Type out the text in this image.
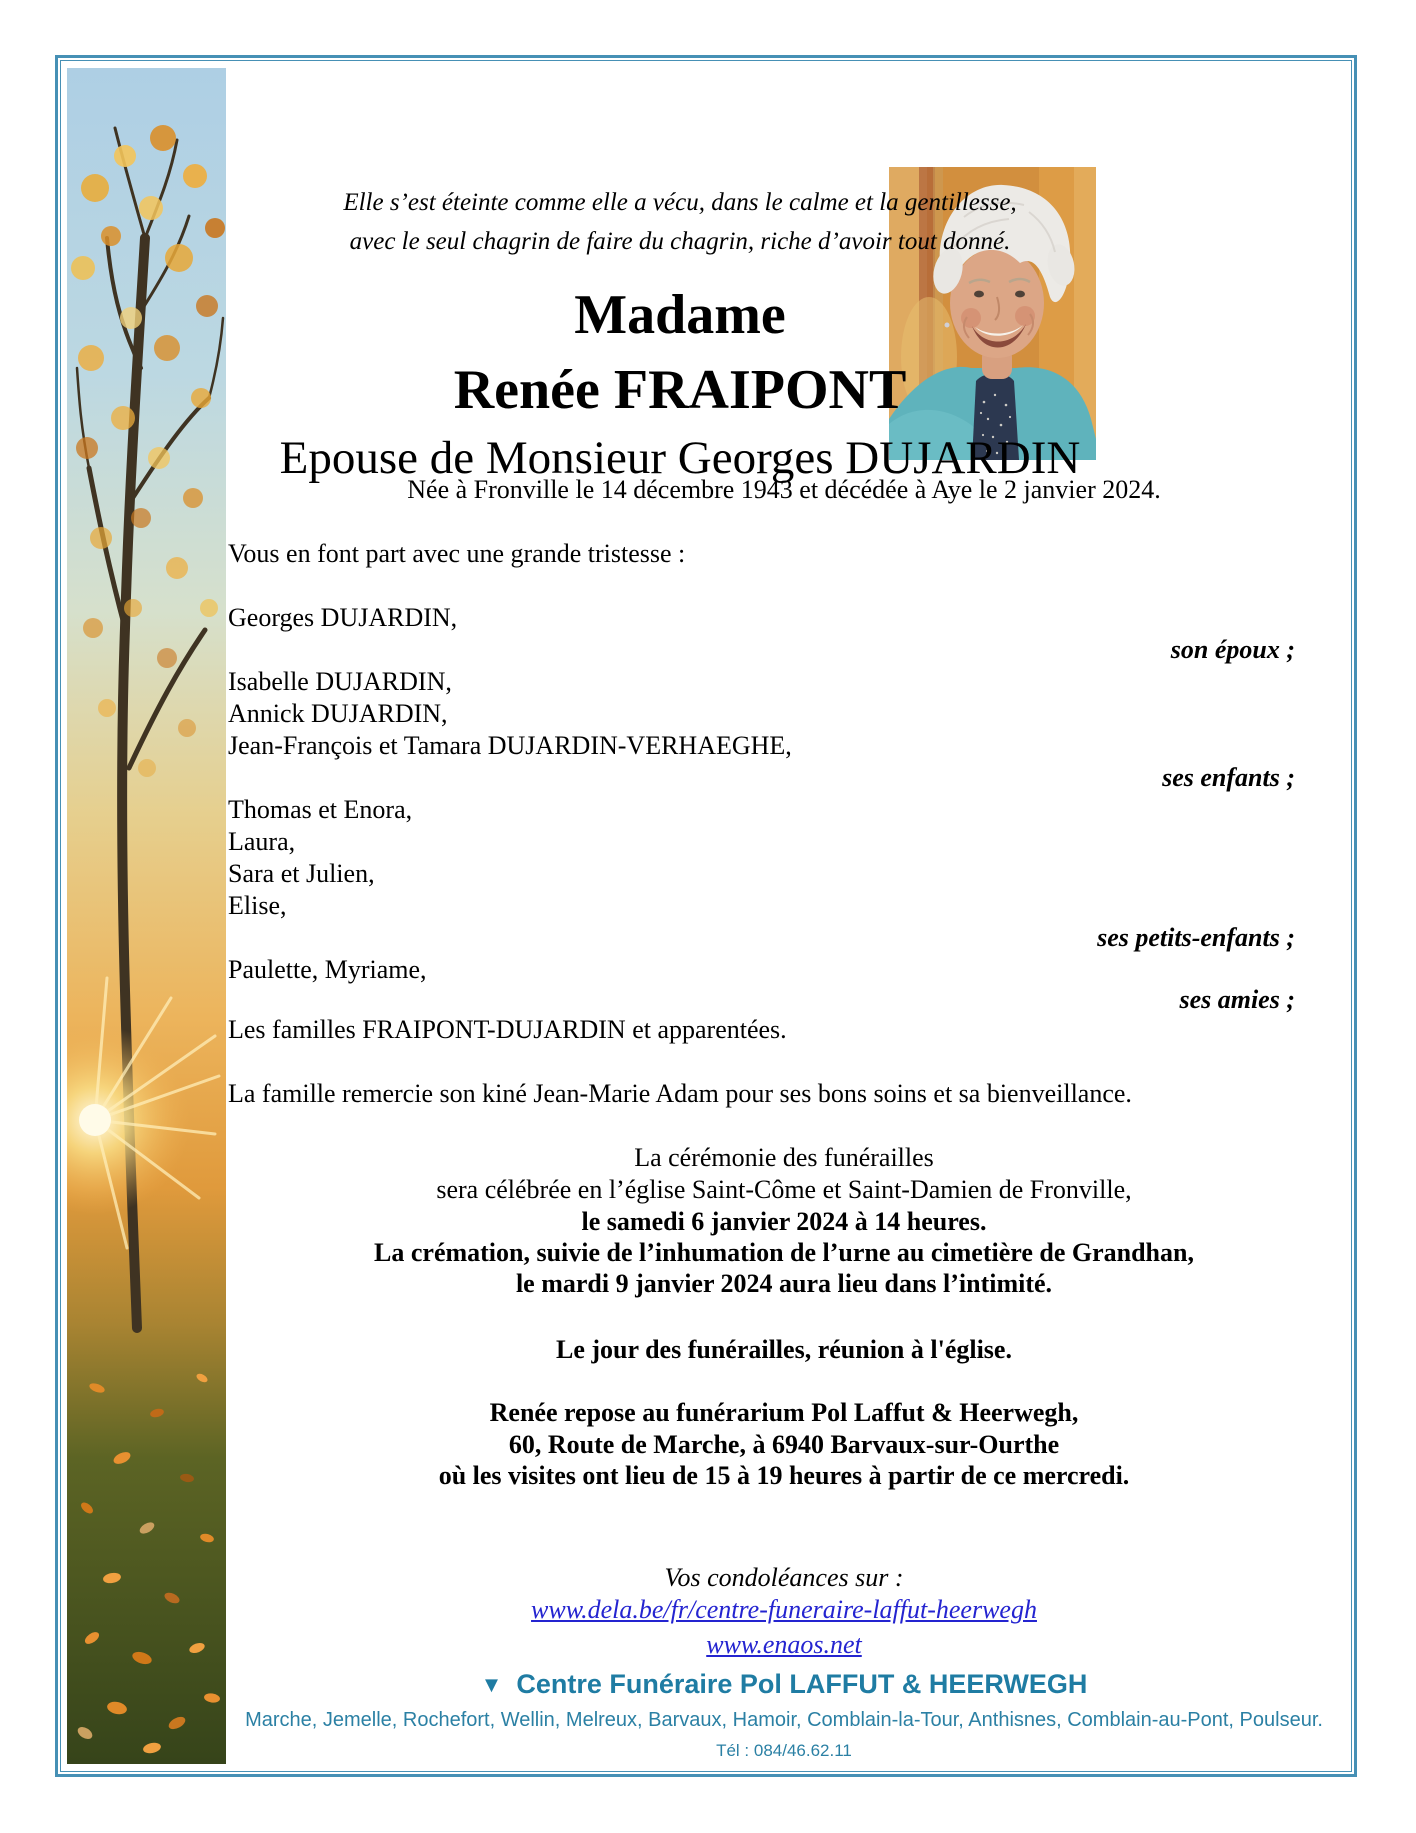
Elle s’est éteinte comme elle a vécu, dans le calme et la gentillesse,
avec le seul chagrin de faire du chagrin, riche d’avoir tout donné.
Madame
Renée FRAIPONT
Epouse de Monsieur Georges DUJARDIN
Née à Fronville le 14 décembre 1943 et décédée à Aye le 2 janvier 2024.
Vous en font part avec une grande tristesse :
Georges DUJARDIN,
son époux ;
Isabelle DUJARDIN,
Annick DUJARDIN,
Jean-François et Tamara DUJARDIN-VERHAEGHE,
ses enfants ;
Thomas et Enora,
Laura,
Sara et Julien,
Elise,
ses petits-enfants ;
Paulette, Myriame,
ses amies ;
Les familles FRAIPONT-DUJARDIN et apparentées.
La famille remercie son kiné Jean-Marie Adam pour ses bons soins et sa bienveillance.
La cérémonie des funérailles
sera célébrée en l’église Saint-Côme et Saint-Damien de Fronville,
le samedi 6 janvier 2024 à 14 heures.
La crémation, suivie de l’inhumation de l’urne au cimetière de Grandhan,
le mardi 9 janvier 2024 aura lieu dans l’intimité.
Le jour des funérailles, réunion à l'église.
Renée repose au funérarium Pol Laffut & Heerwegh,
60, Route de Marche, à 6940 Barvaux-sur-Ourthe
où les visites ont lieu de 15 à 19 heures à partir de ce mercredi.
Vos condoléances sur :
www.dela.be/fr/centre-funeraire-laffut-heerwegh
www.enaos.net
▼ Centre Funéraire Pol LAFFUT & HEERWEGH
Marche, Jemelle, Rochefort, Wellin, Melreux, Barvaux, Hamoir, Comblain-la-Tour, Anthisnes, Comblain-au-Pont, Poulseur.
Tél : 084/46.62.11
